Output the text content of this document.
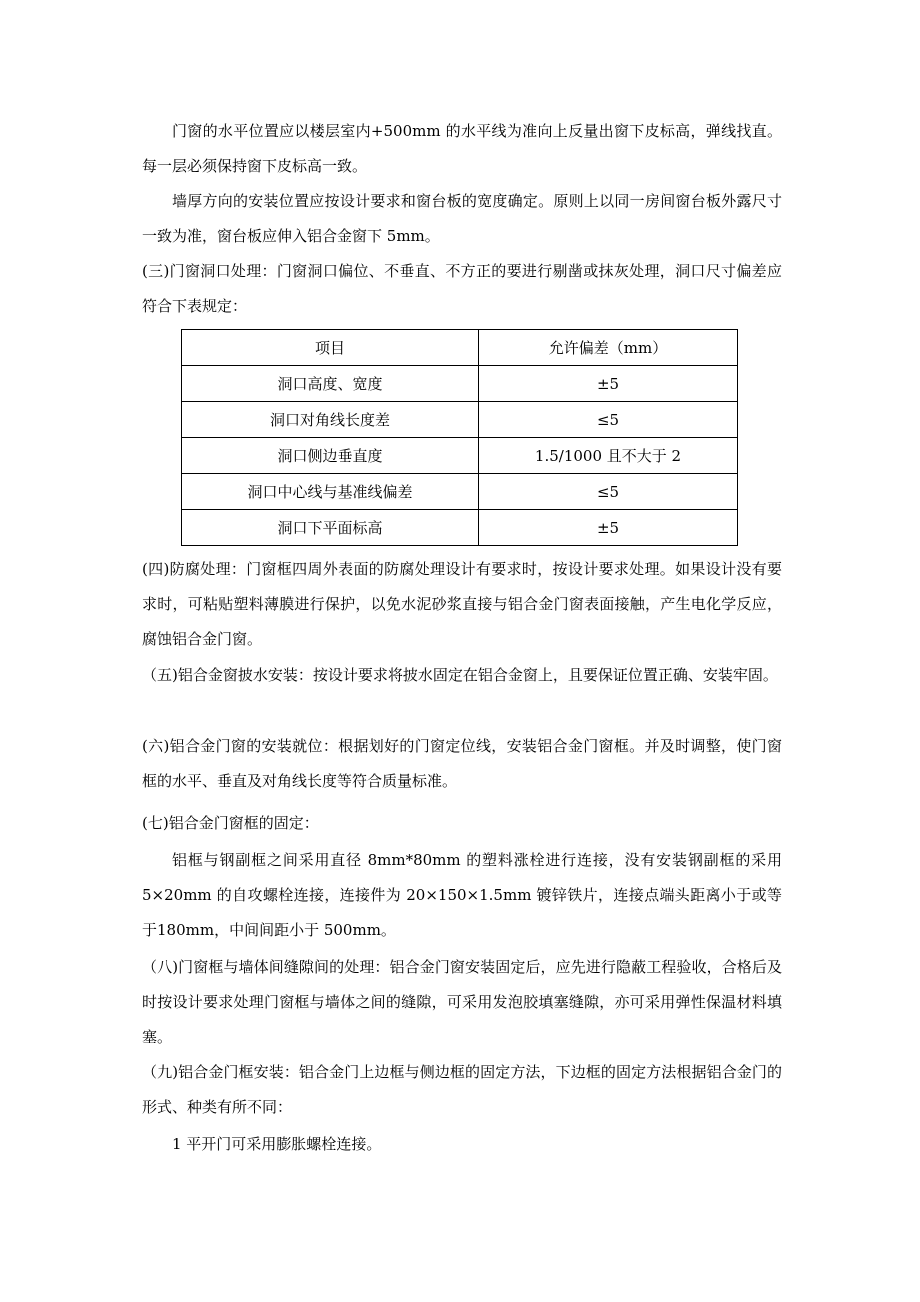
门窗的水平位置应以楼层室内+500mm 的水平线为准向上反量出窗下皮标高，弹线找直。每一层必须保持窗下皮标高一致。

墙厚方向的安装位置应按设计要求和窗台板的宽度确定。原则上以同一房间窗台板外露尺寸一致为准，窗台板应伸入铝合金窗下 5mm。

(三)门窗洞口处理：门窗洞口偏位、不垂直、不方正的要进行剔凿或抹灰处理，洞口尺寸偏差应符合下表规定：

项目	允许偏差（mm）
洞口高度、宽度	±5
洞口对角线长度差	≤5
洞口侧边垂直度	1.5/1000 且不大于 2
洞口中心线与基准线偏差	≤5
洞口下平面标高	±5

(四)防腐处理：门窗框四周外表面的防腐处理设计有要求时，按设计要求处理。如果设计没有要求时，可粘贴塑料薄膜进行保护，以免水泥砂浆直接与铝合金门窗表面接触，产生电化学反应，腐蚀铝合金门窗。

（五)铝合金窗披水安装：按设计要求将披水固定在铝合金窗上，且要保证位置正确、安装牢固。

(六)铝合金门窗的安装就位：根据划好的门窗定位线，安装铝合金门窗框。并及时调整，使门窗框的水平、垂直及对角线长度等符合质量标准。

(七)铝合金门窗框的固定：

铝框与钢副框之间采用直径 8mm*80mm 的塑料涨栓进行连接，没有安装钢副框的采用 5×20mm 的自攻螺栓连接，连接件为 20×150×1.5mm 镀锌铁片，连接点端头距离小于或等于180mm，中间间距小于 500mm。

（八)门窗框与墙体间缝隙间的处理：铝合金门窗安装固定后，应先进行隐蔽工程验收，合格后及时按设计要求处理门窗框与墙体之间的缝隙，可采用发泡胶填塞缝隙，亦可采用弹性保温材料填塞。

（九)铝合金门框安装：铝合金门上边框与侧边框的固定方法，下边框的固定方法根据铝合金门的形式、种类有所不同：

1 平开门可采用膨胀螺栓连接。
